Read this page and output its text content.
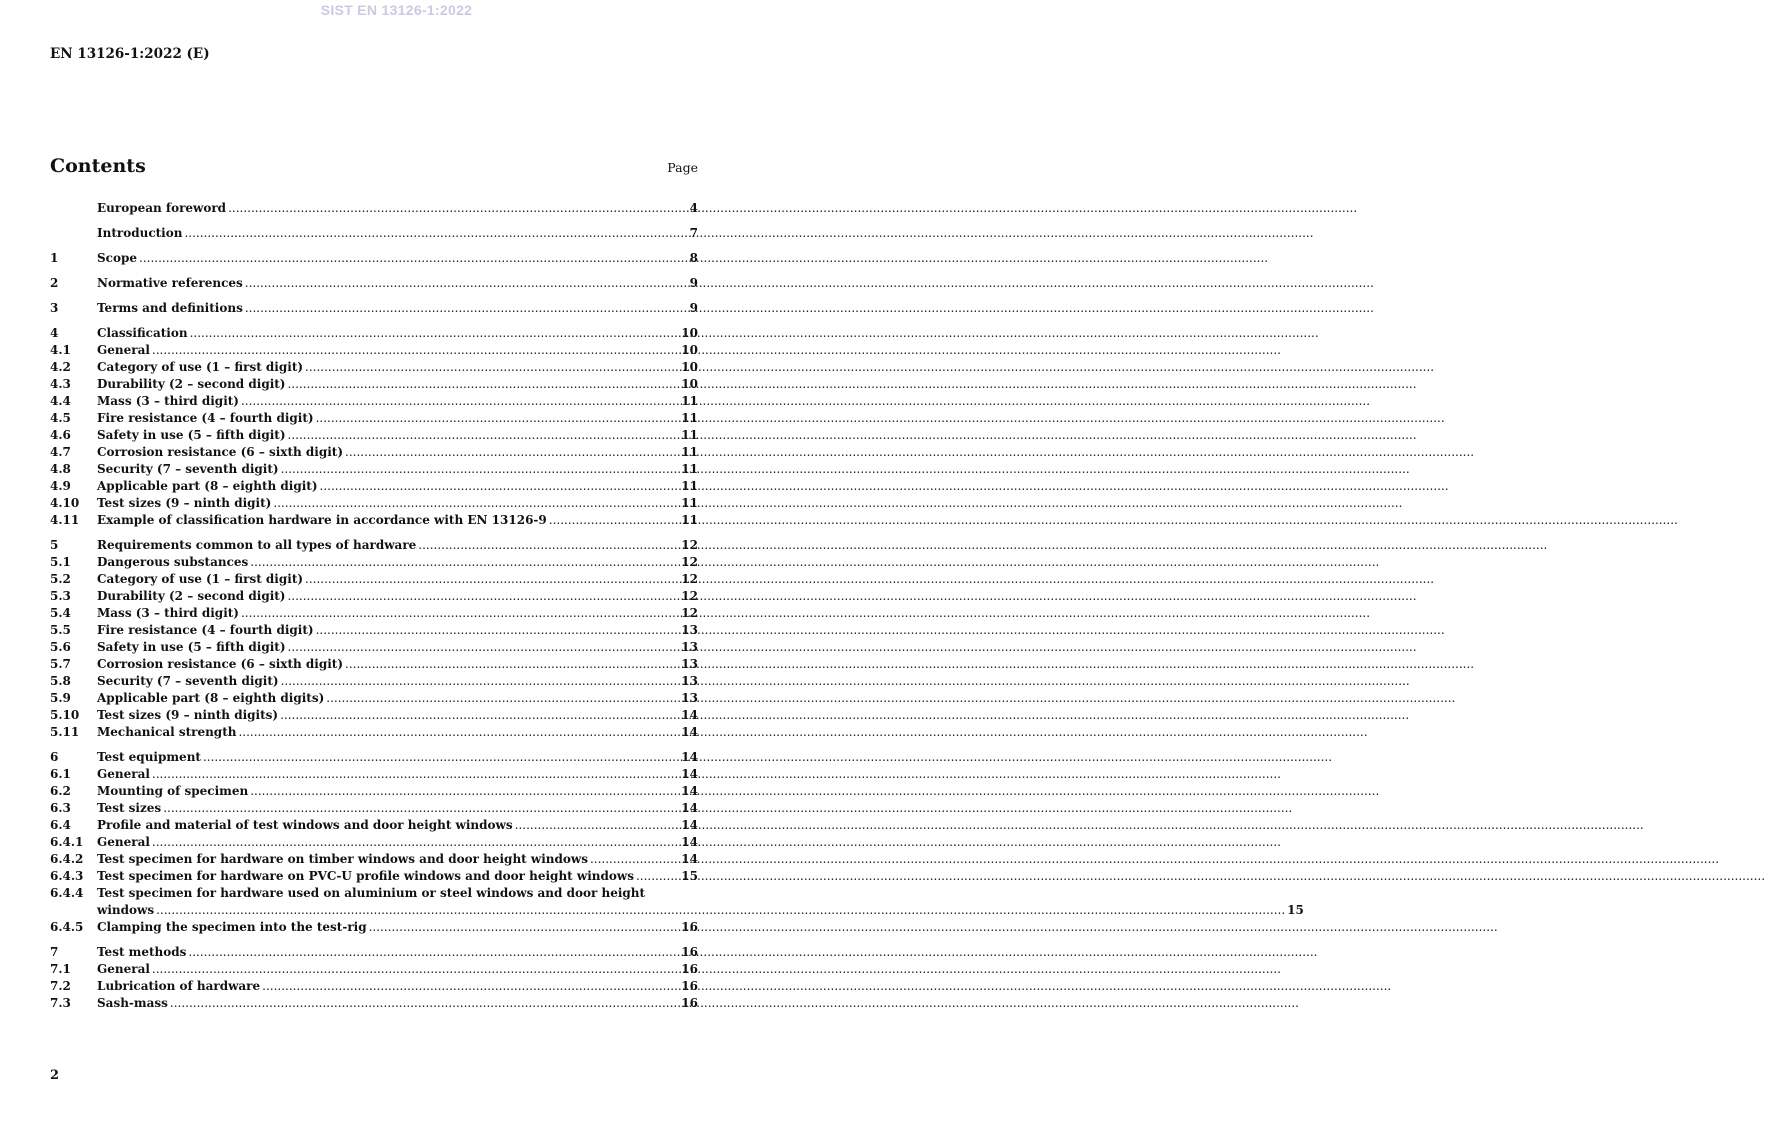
SIST EN 13126-1:2022
EN 13126-1:2022 (E)
Contents	Page
European foreword .....	4
Introduction .....	7
1	Scope .....	8
2	Normative references .....	9
3	Terms and definitions .....	9
4	Classification .....	10
4.1	General .....	10
4.2	Category of use (1 – first digit) .....	10
4.3	Durability (2 – second digit) .....	10
4.4	Mass (3 – third digit) .....	11
4.5	Fire resistance (4 – fourth digit) .....	11
4.6	Safety in use (5 – fifth digit) .....	11
4.7	Corrosion resistance (6 – sixth digit) .....	11
4.8	Security (7 – seventh digit) .....	11
4.9	Applicable part (8 – eighth digit) .....	11
4.10	Test sizes (9 – ninth digit) .....	11
4.11	Example of classification hardware in accordance with EN 13126-9 .....	11
5	Requirements common to all types of hardware .....	12
5.1	Dangerous substances .....	12
5.2	Category of use (1 – first digit) .....	12
5.3	Durability (2 – second digit) .....	12
5.4	Mass (3 – third digit) .....	12
5.5	Fire resistance (4 – fourth digit) .....	13
5.6	Safety in use (5 – fifth digit) .....	13
5.7	Corrosion resistance (6 – sixth digit) .....	13
5.8	Security (7 – seventh digit) .....	13
5.9	Applicable part (8 – eighth digits) .....	13
5.10	Test sizes (9 – ninth digits) .....	14
5.11	Mechanical strength .....	14
6	Test equipment .....	14
6.1	General .....	14
6.2	Mounting of specimen .....	14
6.3	Test sizes .....	14
6.4	Profile and material of test windows and door height windows .....	14
6.4.1	General .....	14
6.4.2	Test specimen for hardware on timber windows and door height windows .....	14
6.4.3	Test specimen for hardware on PVC-U profile windows and door height windows .....	15
6.4.4	Test specimen for hardware used on aluminium or steel windows and door height
windows .....	15
6.4.5	Clamping the specimen into the test-rig .....	16
7	Test methods .....	16
7.1	General .....	16
7.2	Lubrication of hardware .....	16
7.3	Sash-mass .....	16
2
